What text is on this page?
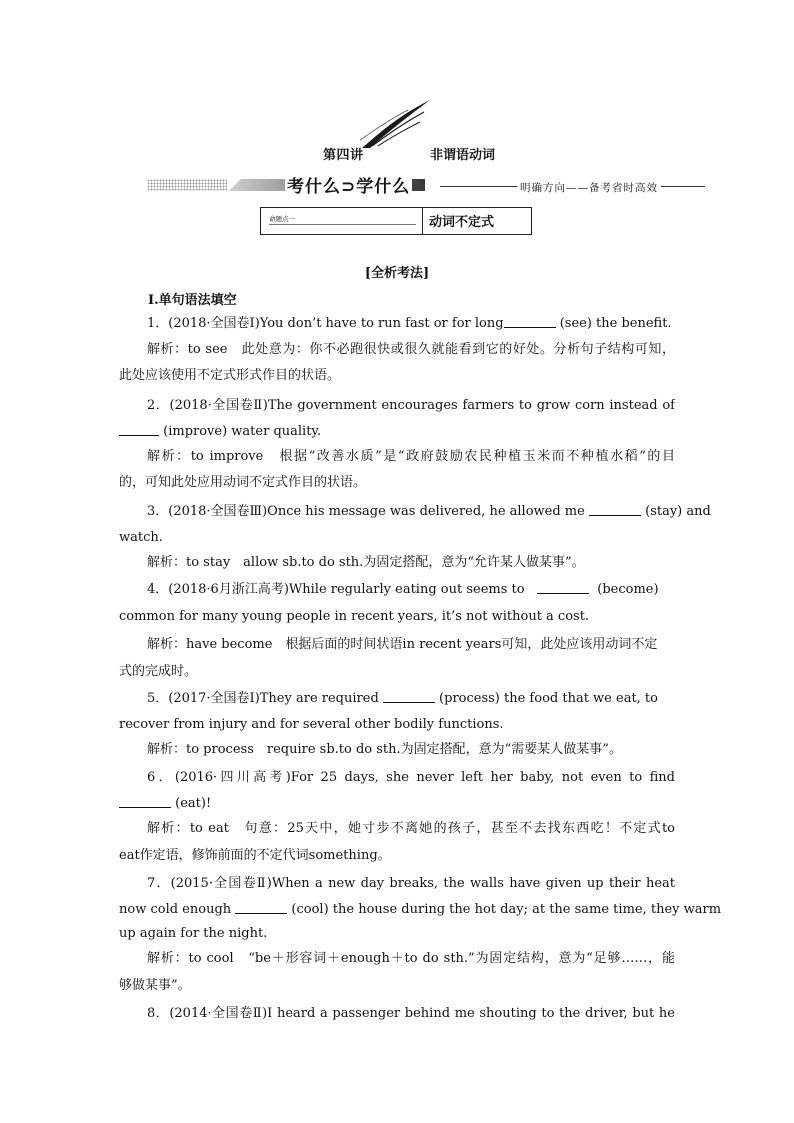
第四讲	非谓语动词
考什么⊃学什么	明确方向——备考省时高效
命题点一	动词不定式
[全析考法]
Ⅰ.单句语法填空
1．(2018·全国卷Ⅰ)You don’t have to run fast or for long	(see) the benefit.
解析：to see　此处意为：你不必跑很快或很久就能看到它的好处。分析句子结构可知，
此处应该使用不定式形式作目的状语。
2．(2018·全国卷Ⅱ)The government encourages farmers to grow corn instead of
(improve) water quality.
解析：to improve　根据“改善水质”是“政府鼓励农民种植玉米而不种植水稻”的目
的，可知此处应用动词不定式作目的状语。
3．(2018·全国卷Ⅲ)Once his message was delivered, he allowed me	(stay) and
watch.
解析：to stay　allow sb.to do sth.为固定搭配，意为“允许某人做某事”。
4．(2018·6月浙江高考)While regularly eating out seems to	(become)
common for many young people in recent years, it’s not without a cost.
解析：have become　根据后面的时间状语in recent years可知，此处应该用动词不定
式的完成时。
5．(2017·全国卷Ⅰ)They are required	(process) the food that we eat, to
recover from injury and for several other bodily functions.
解析：to process　require sb.to do sth.为固定搭配，意为“需要某人做某事”。
6．(2016·四川高考)For 25 days, she never left her baby, not even to find
(eat)!
解析：to eat　句意：25天中，她寸步不离她的孩子，甚至不去找东西吃！不定式to
eat作定语，修饰前面的不定代词something。
7．(2015·全国卷Ⅱ)When a new day breaks, the walls have given up their heat
now cold enough	(cool) the house during the hot day; at the same time, they warm
up again for the night.
解析：to cool　“be＋形容词＋enough＋to do sth.”为固定结构，意为“足够……，能
够做某事”。
8．(2014·全国卷Ⅱ)I heard a passenger behind me shouting to the driver, but he
